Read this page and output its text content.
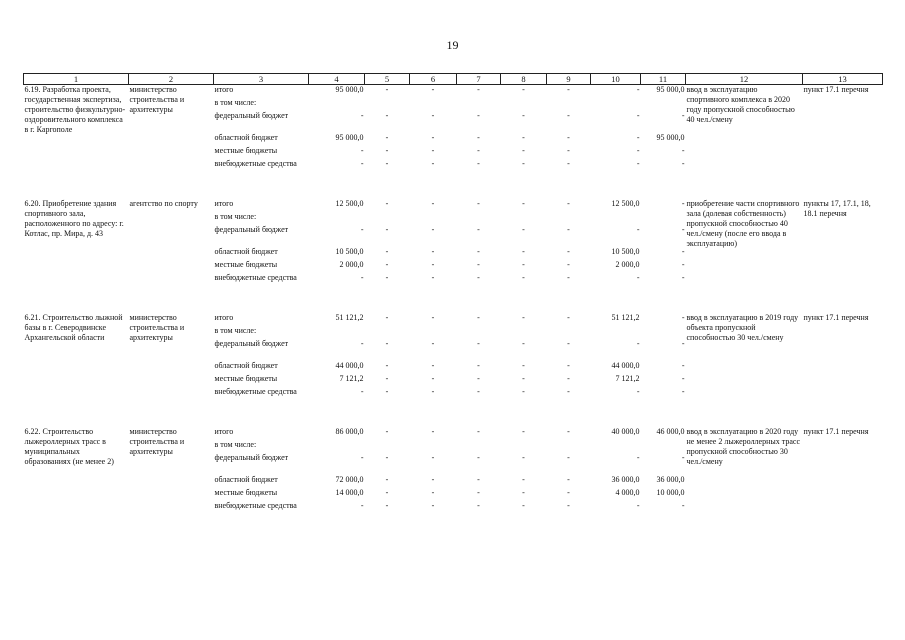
19
1	2	3	4	5	6	7	8	9	10	11	12	13
6.19. Разработка проекта, государственная экспертиза, строительство физкультурно-оздоровительного комплекса в г. Каргополе	министерство строительства и архитектуры	итого	95 000,0	-	-	-	-	-	-	95 000,0	ввод в эксплуатацию спортивного комплекса в 2020 году пропускной способностью 40 чел./смену	пункт 17.1 перечня
		в том числе:										
		федеральный бюджет	-	-	-	-	-	-	-	-		
		областной бюджет	95 000,0	-	-	-	-	-	-	95 000,0		
		местные бюджеты	-	-	-	-	-	-	-	-		
		внебюджетные средства	-	-	-	-	-	-	-	-		

6.20. Приобретение здания спортивного зала, расположенного по адресу: г. Котлас, пр. Мира, д. 43	агентство по спорту	итого	12 500,0	-	-	-	-	-	12 500,0	-	приобретение части спортивного зала (долевая собственность) пропускной способностью 40 чел./смену (после его ввода в эксплуатацию)	пункты 17, 17.1, 18, 18.1 перечня
		в том числе:										
		федеральный бюджет	-	-	-	-	-	-	-	-		
		областной бюджет	10 500,0	-	-	-	-	-	10 500,0	-		
		местные бюджеты	2 000,0	-	-	-	-	-	2 000,0	-		
		внебюджетные средства	-	-	-	-	-	-	-	-		

6.21. Строительство лыжной базы в г. Северодвинске Архангельской области	министерство строительства и архитектуры	итого	51 121,2	-	-	-	-	-	51 121,2	-	ввод в эксплуатацию в 2019 году объекта пропускной способностью 30 чел./смену	пункт 17.1 перечня
		в том числе:										
		федеральный бюджет	-	-	-	-	-	-	-	-		
		областной бюджет	44 000,0	-	-	-	-	-	44 000,0	-		
		местные бюджеты	7 121,2	-	-	-	-	-	7 121,2	-		
		внебюджетные средства	-	-	-	-	-	-	-	-		

6.22. Строительство лыжероллерных трасс в муниципальных образованиях (не менее 2)	министерство строительства и архитектуры	итого	86 000,0	-	-	-	-	-	40 000,0	46 000,0	ввод в эксплуатацию в 2020 году не менее 2 лыжероллерных трасс пропускной способностью 30 чел./смену	пункт 17.1 перечня
		в том числе:										
		федеральный бюджет	-	-	-	-	-	-	-	-		
		областной бюджет	72 000,0	-	-	-	-	-	36 000,0	36 000,0		
		местные бюджеты	14 000,0	-	-	-	-	-	4 000,0	10 000,0		
		внебюджетные средства	-	-	-	-	-	-	-	-		
